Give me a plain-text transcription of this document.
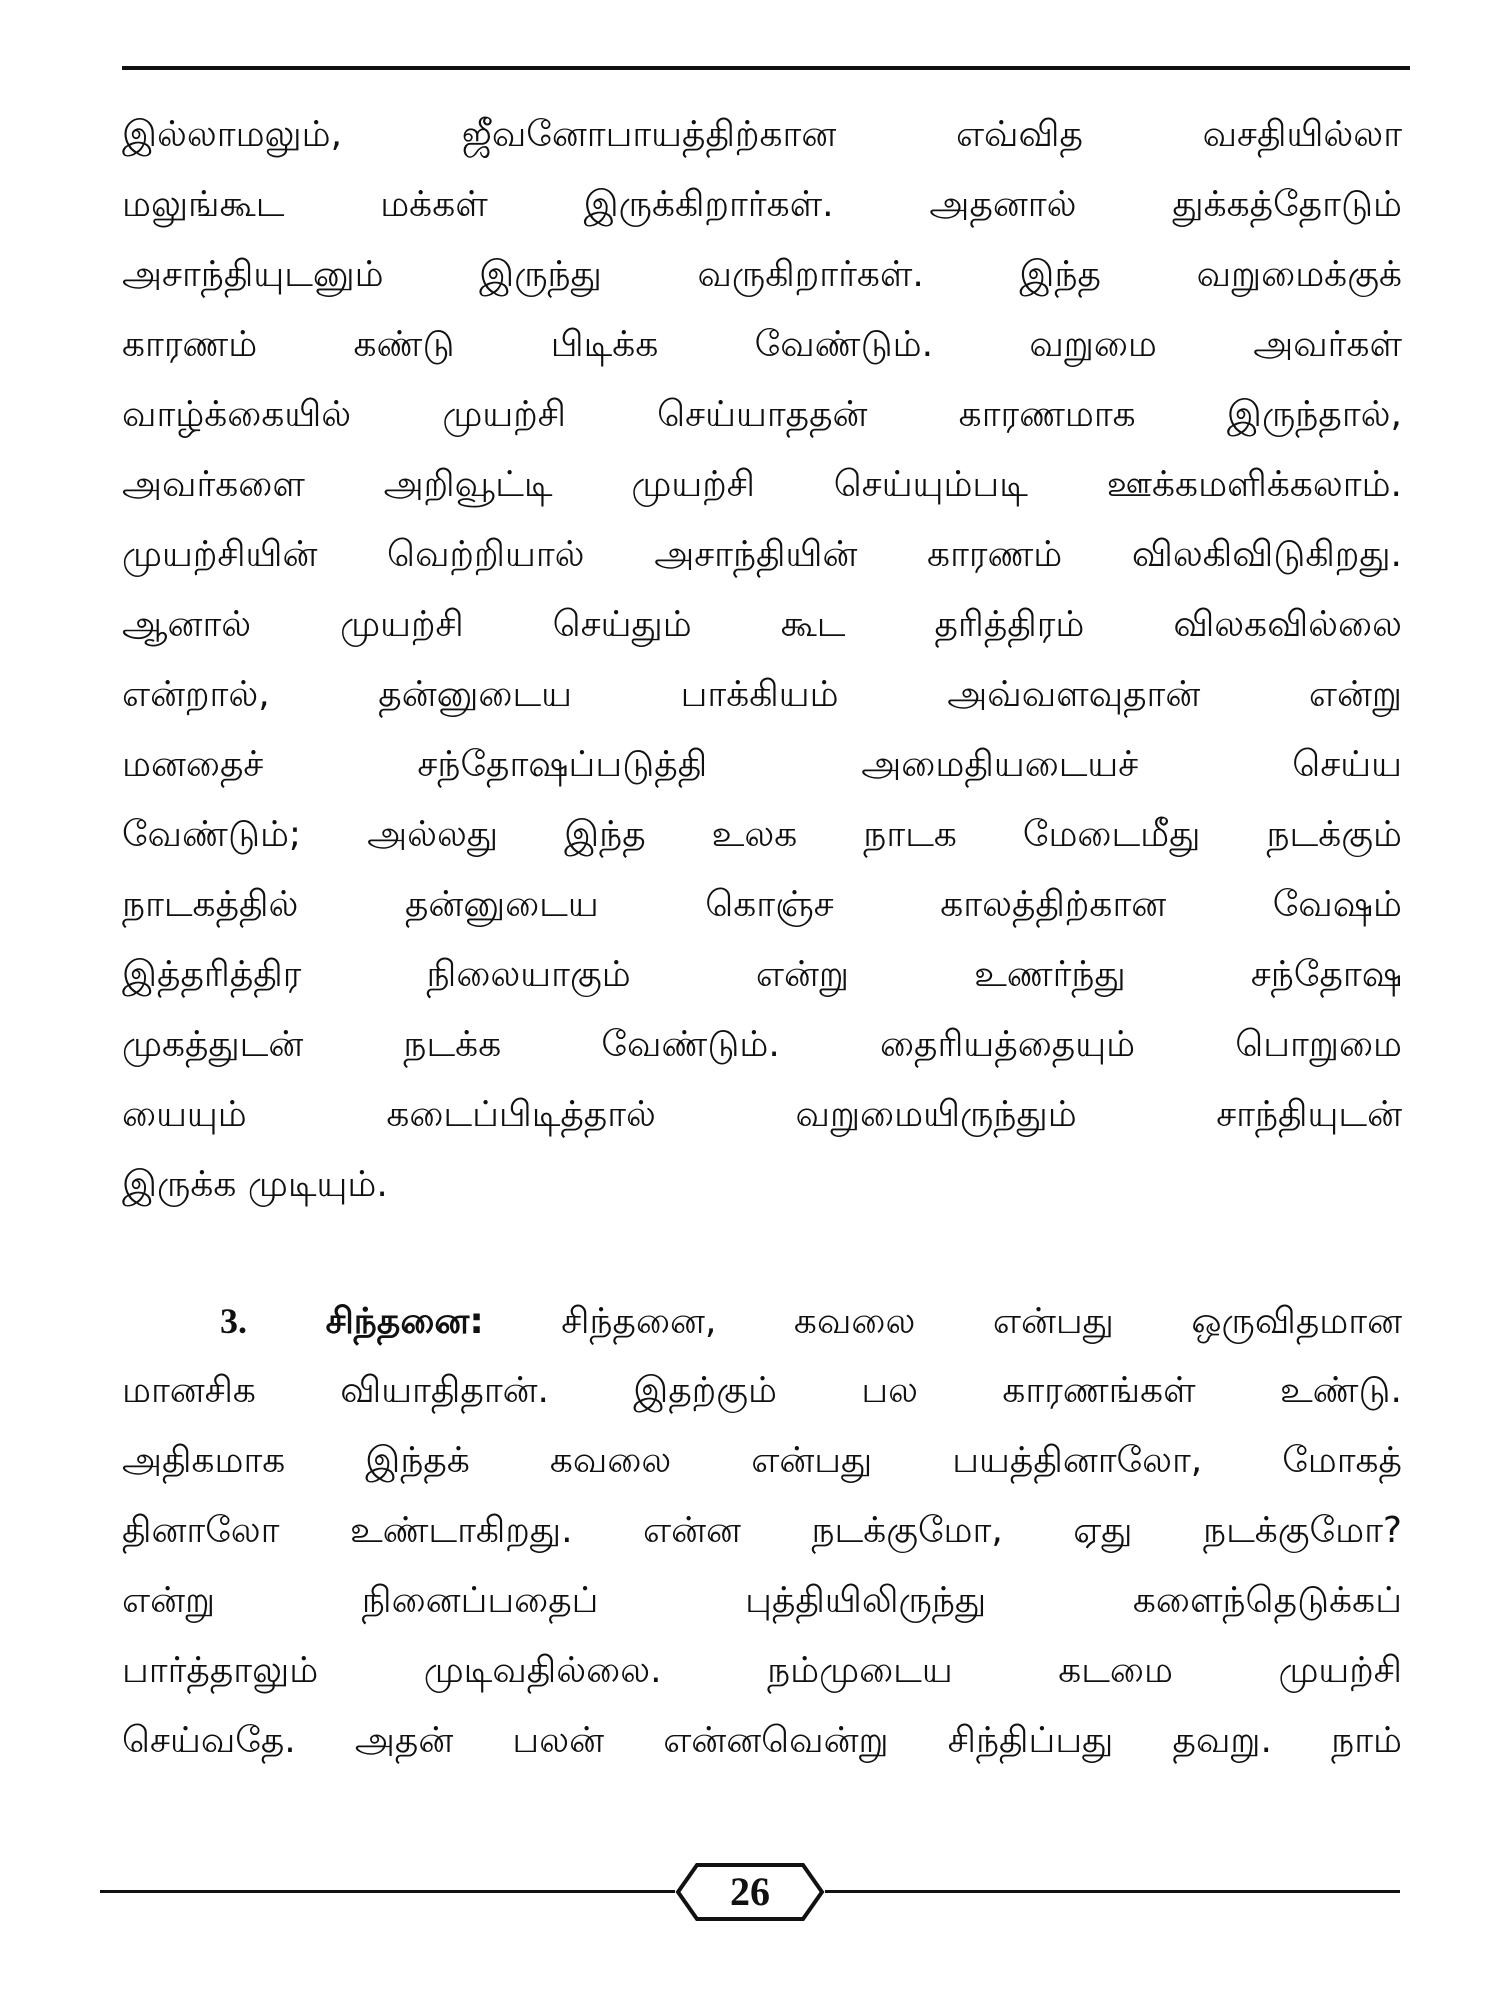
இல்லாமலும், ஜீவனோபாயத்திற்கான எவ்வித வசதியில்லா
மலுங்கூட மக்கள் இருக்கிறார்கள். அதனால் துக்கத்தோடும்
அசாந்தியுடனும் இருந்து வருகிறார்கள். இந்த வறுமைக்குக்
காரணம் கண்டு பிடிக்க வேண்டும். வறுமை அவர்கள்
வாழ்க்கையில் முயற்சி செய்யாததன் காரணமாக இருந்தால்,
அவர்களை அறிவூட்டி முயற்சி செய்யும்படி ஊக்கமளிக்கலாம்.
முயற்சியின் வெற்றியால் அசாந்தியின் காரணம் விலகிவிடுகிறது.
ஆனால் முயற்சி செய்தும் கூட தரித்திரம் விலகவில்லை
என்றால், தன்னுடைய பாக்கியம் அவ்வளவுதான் என்று
மனதைச் சந்தோஷப்படுத்தி அமைதியடையச் செய்ய
வேண்டும்; அல்லது இந்த உலக நாடக மேடைமீது நடக்கும்
நாடகத்தில் தன்னுடைய கொஞ்ச காலத்திற்கான வேஷம்
இத்தரித்திர நிலையாகும் என்று உணர்ந்து சந்தோஷ
முகத்துடன் நடக்க வேண்டும். தைரியத்தையும் பொறுமை
யையும் கடைப்பிடித்தால் வறுமையிருந்தும் சாந்தியுடன்
இருக்க முடியும்.
3. சிந்தனை: சிந்தனை, கவலை என்பது ஒருவிதமான
மானசிக வியாதிதான். இதற்கும் பல காரணங்கள் உண்டு.
அதிகமாக இந்தக் கவலை என்பது பயத்தினாலோ, மோகத்
தினாலோ உண்டாகிறது. என்ன நடக்குமோ, ஏது நடக்குமோ?
என்று நினைப்பதைப் புத்தியிலிருந்து களைந்தெடுக்கப்
பார்த்தாலும் முடிவதில்லை. நம்முடைய கடமை முயற்சி
செய்வதே. அதன் பலன் என்னவென்று சிந்திப்பது தவறு. நாம்
26
